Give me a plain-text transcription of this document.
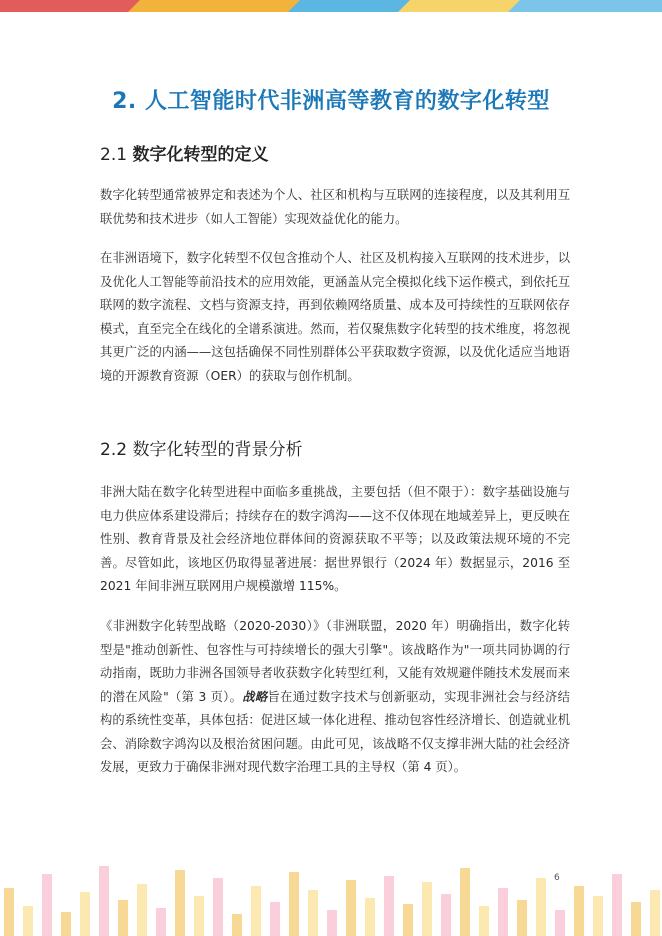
2. 人工智能时代非洲高等教育的数字化转型
2.1 数字化转型的定义

数字化转型通常被界定和表述为个人、社区和机构与互联网的连接程度，以及其利用互联优势和技术进步（如人工智能）实现效益优化的能力。

在非洲语境下，数字化转型不仅包含推动个人、社区及机构接入互联网的技术进步，以及优化人工智能等前沿技术的应用效能，更涵盖从完全模拟化线下运作模式，到依托互联网的数字流程、文档与资源支持，再到依赖网络质量、成本及可持续性的互联网依存模式，直至完全在线化的全谱系演进。然而，若仅聚焦数字化转型的技术维度，将忽视其更广泛的内涵——这包括确保不同性别群体公平获取数字资源，以及优化适应当地语境的开源教育资源（OER）的获取与创作机制。

2.2 数字化转型的背景分析

非洲大陆在数字化转型进程中面临多重挑战，主要包括（但不限于）：数字基础设施与电力供应体系建设滞后；持续存在的数字鸿沟——这不仅体现在地域差异上，更反映在性别、教育背景及社会经济地位群体间的资源获取不平等；以及政策法规环境的不完善。尽管如此，该地区仍取得显著进展：据世界银行（2024 年）数据显示，2016 至 2021 年间非洲互联网用户规模激增 115%。

《非洲数字化转型战略（2020-2030）》（非洲联盟，2020 年）明确指出，数字化转型是"推动创新性、包容性与可持续增长的强大引擎"。该战略作为"一项共同协调的行动指南，既助力非洲各国领导者收获数字化转型红利，又能有效规避伴随技术发展而来的潜在风险"（第 3 页）。战略旨在通过数字技术与创新驱动，实现非洲社会与经济结构的系统性变革，具体包括：促进区域一体化进程、推动包容性经济增长、创造就业机会、消除数字鸿沟以及根治贫困问题。由此可见，该战略不仅支撑非洲大陆的社会经济发展，更致力于确保非洲对现代数字治理工具的主导权（第 4 页）。

6
